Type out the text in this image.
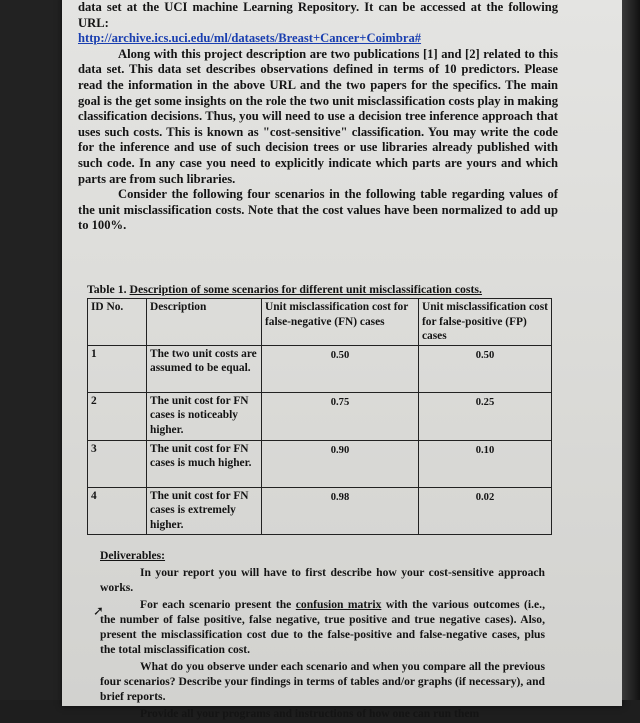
data set at the UCI machine Learning Repository. It can be accessed at the following URL:

http://archive.ics.uci.edu/ml/datasets/Breast+Cancer+Coimbra#

Along with this project description are two publications [1] and [2] related to this data set. This data set describes observations defined in terms of 10 predictors. Please read the information in the above URL and the two papers for the specifics. The main goal is the get some insights on the role the two unit misclassification costs play in making classification decisions. Thus, you will need to use a decision tree inference approach that uses such costs. This is known as "cost-sensitive" classification. You may write the code for the inference and use of such decision trees or use libraries already published with such code. In any case you need to explicitly indicate which parts are yours and which parts are from such libraries.

Consider the following four scenarios in the following table regarding values of the unit misclassification costs. Note that the cost values have been normalized to add up to 100%.

Table 1. Description of some scenarios for different unit misclassification costs.
ID No.	Description	Unit misclassification cost for false-negative (FN) cases	Unit misclassification cost for false-positive (FP) cases
1	The two unit costs are assumed to be equal.	0.50	0.50
2	The unit cost for FN cases is noticeably higher.	0.75	0.25
3	The unit cost for FN cases is much higher.	0.90	0.10
4	The unit cost for FN cases is extremely higher.	0.98	0.02

Deliverables:

In your report you will have to first describe how your cost-sensitive approach works.

For each scenario present the confusion matrix with the various outcomes (i.e., the number of false positive, false negative, true positive and true negative cases). Also, present the misclassification cost due to the false-positive and false-negative cases, plus the total misclassification cost.

What do you observe under each scenario and when you compare all the previous four scenarios? Describe your findings in terms of tables and/or graphs (if necessary), and brief reports.

Provide all your programs and instructions of how one can run them

➚
